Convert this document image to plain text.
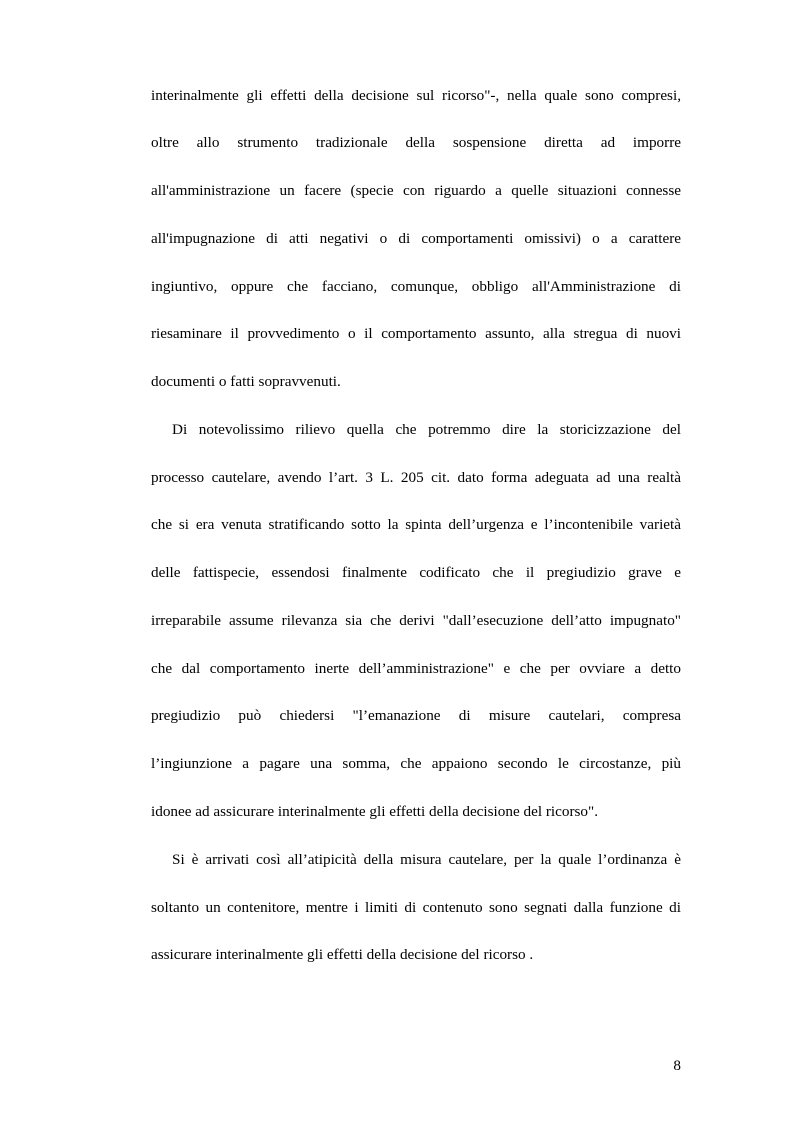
interinalmente gli effetti della decisione sul ricorso"-, nella quale sono compresi,
oltre allo strumento tradizionale della sospensione diretta ad imporre
all'amministrazione un facere (specie con riguardo a quelle situazioni connesse
all'impugnazione di atti negativi o di comportamenti omissivi) o a carattere
ingiuntivo, oppure che facciano, comunque, obbligo all'Amministrazione di
riesaminare il provvedimento o il comportamento assunto, alla stregua di nuovi
documenti o fatti sopravvenuti.
Di notevolissimo rilievo quella che potremmo dire la storicizzazione del
processo cautelare, avendo l’art. 3 L. 205 cit. dato forma adeguata ad una realtà
che si era venuta stratificando sotto la spinta dell’urgenza e l’incontenibile varietà
delle fattispecie, essendosi finalmente codificato che il pregiudizio grave e
irreparabile assume rilevanza sia che derivi "dall’esecuzione dell’atto impugnato"
che dal comportamento inerte dell’amministrazione" e che per ovviare a detto
pregiudizio può chiedersi "l’emanazione di misure cautelari, compresa
l’ingiunzione a pagare una somma, che appaiono secondo le circostanze, più
idonee ad assicurare interinalmente gli effetti della decisione del ricorso".
Si è arrivati così all’atipicità della misura cautelare, per la quale l’ordinanza è
soltanto un contenitore, mentre i limiti di contenuto sono segnati dalla funzione di
assicurare interinalmente gli effetti della decisione del ricorso .
8
